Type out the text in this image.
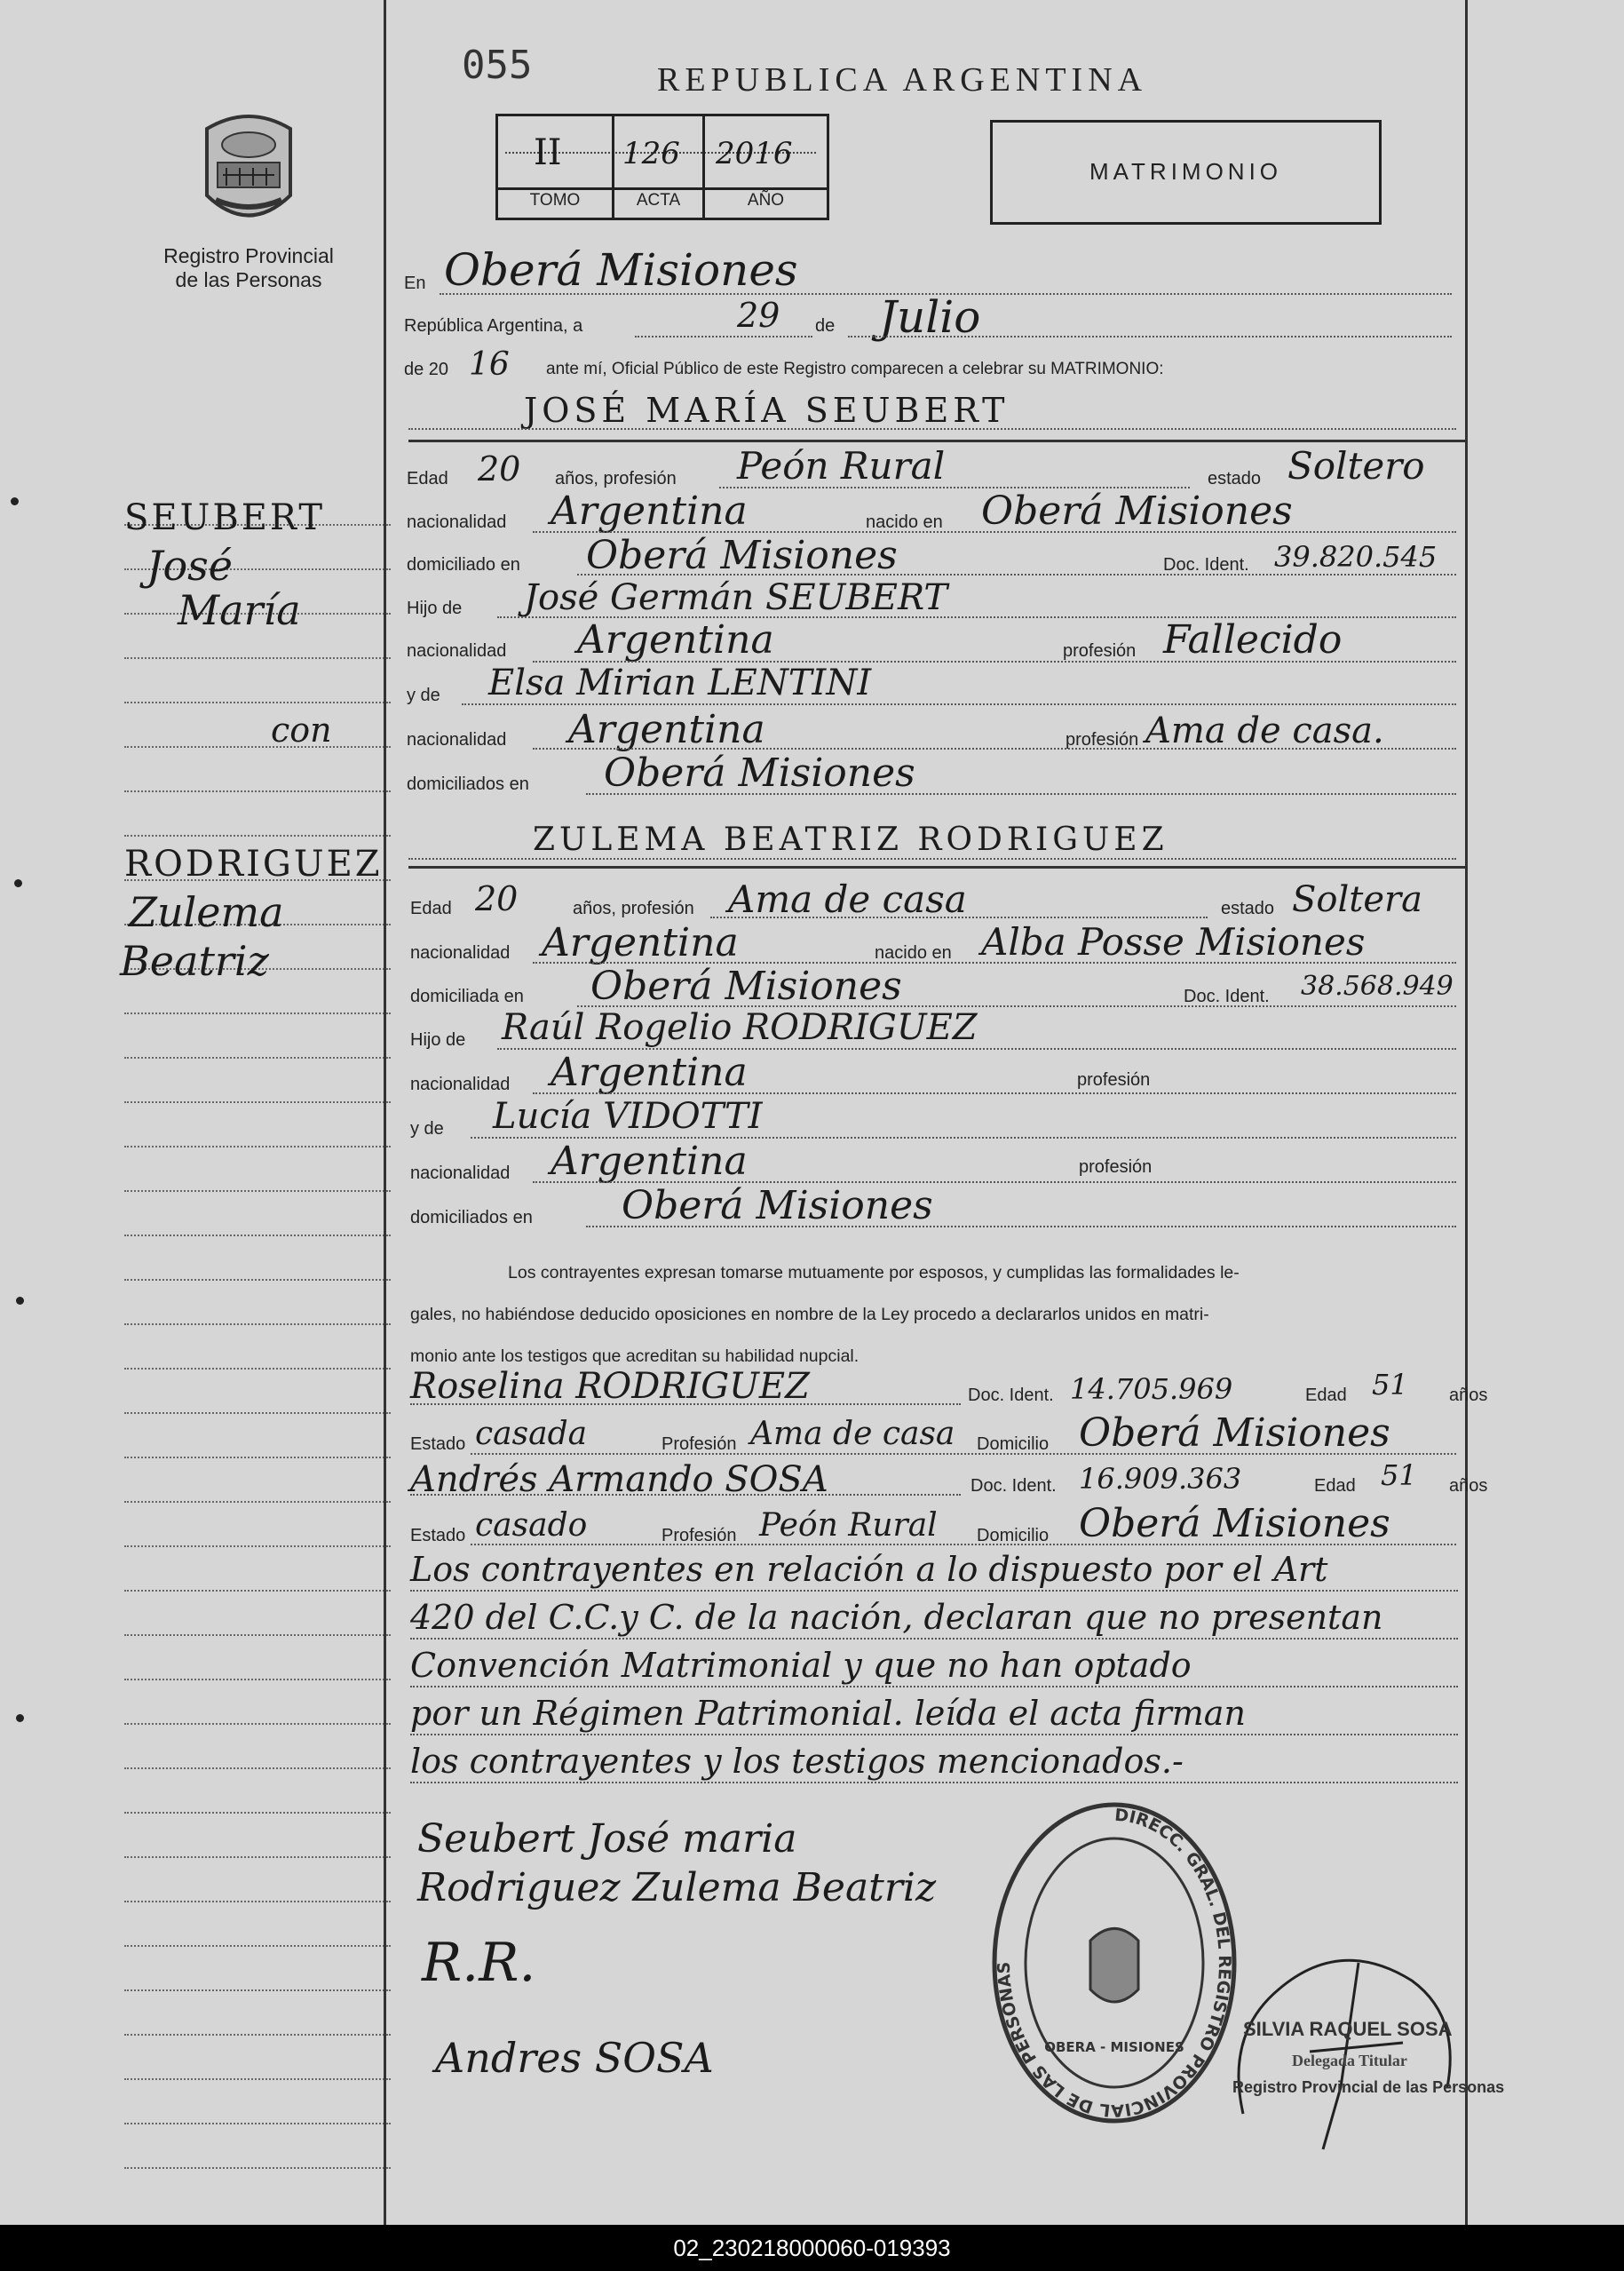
Registro Provincial
de las Personas
SEUBERT
José
María
con
RODRIGUEZ
Zulema
Beatriz
055	REPUBLICA ARGENTINA
II 126 2016
TOMO	ACTA	AÑO
MATRIMONIO
En Oberá Misiones
República Argentina, a	29 de Julio
de 20 16 ante mí, Oficial Público de este Registro comparecen a celebrar su MATRIMONIO:
JOSÉ MARÍA SEUBERT
Edad 20 años, profesión Peón Rural	estado Soltero
nacionalidad Argentina	nacido en Oberá Misiones
domiciliado en Oberá Misiones	Doc. Ident. 39.820.545
Hijo de José Germán SEUBERT
nacionalidad Argentina	profesión Fallecido
y de Elsa Mirian LENTINI
nacionalidad Argentina	profesión Ama de casa.
domiciliados en Oberá Misiones
ZULEMA BEATRIZ RODRIGUEZ
Edad 20	años, profesión Ama de casa	estado Soltera
nacionalidad Argentina	nacido en Alba Posse Misiones
domiciliada en Oberá Misiones	Doc. Ident. 38.568.949
Hijo de Raúl Rogelio RODRIGUEZ
nacionalidad Argentina	profesión
y de Lucía VIDOTTI
nacionalidad Argentina	profesión
domiciliados en Oberá Misiones
Los contrayentes expresan tomarse mutuamente por esposos, y cumplidas las formalidades le-
gales, no habiéndose deducido oposiciones en nombre de la Ley procedo a declararlos unidos en matri-
monio ante los testigos que acreditan su habilidad nupcial.
Roselina RODRIGUEZ	Doc. Ident. 14.705.969	Edad 51 años
Estado casada	Profesión Ama de casa Domicilio Oberá Misiones
Andrés Armando SOSA	Doc. Ident. 16.909.363	Edad 51 años
Estado casado	Profesión Peón Rural Domicilio Oberá Misiones
Los contrayentes en relación a lo dispuesto por el Art
420 del C.C.y C. de la nación, declaran que no presentan
Convención Matrimonial y que no han optado
por un Régimen Patrimonial. leída el acta firman
los contrayentes y los testigos mencionados.-
Seubert José maria
Rodriguez Zulema Beatriz
R.R.
Andres SOSA
DIRECC. GRAL. DEL REGISTRO PROVINCIAL DE LAS PERSONAS
OBERA - MISIONES
SILVIA RAQUEL SOSA
Delegada Titular
Registro Provincial de las Personas
02_230218000060-019393
